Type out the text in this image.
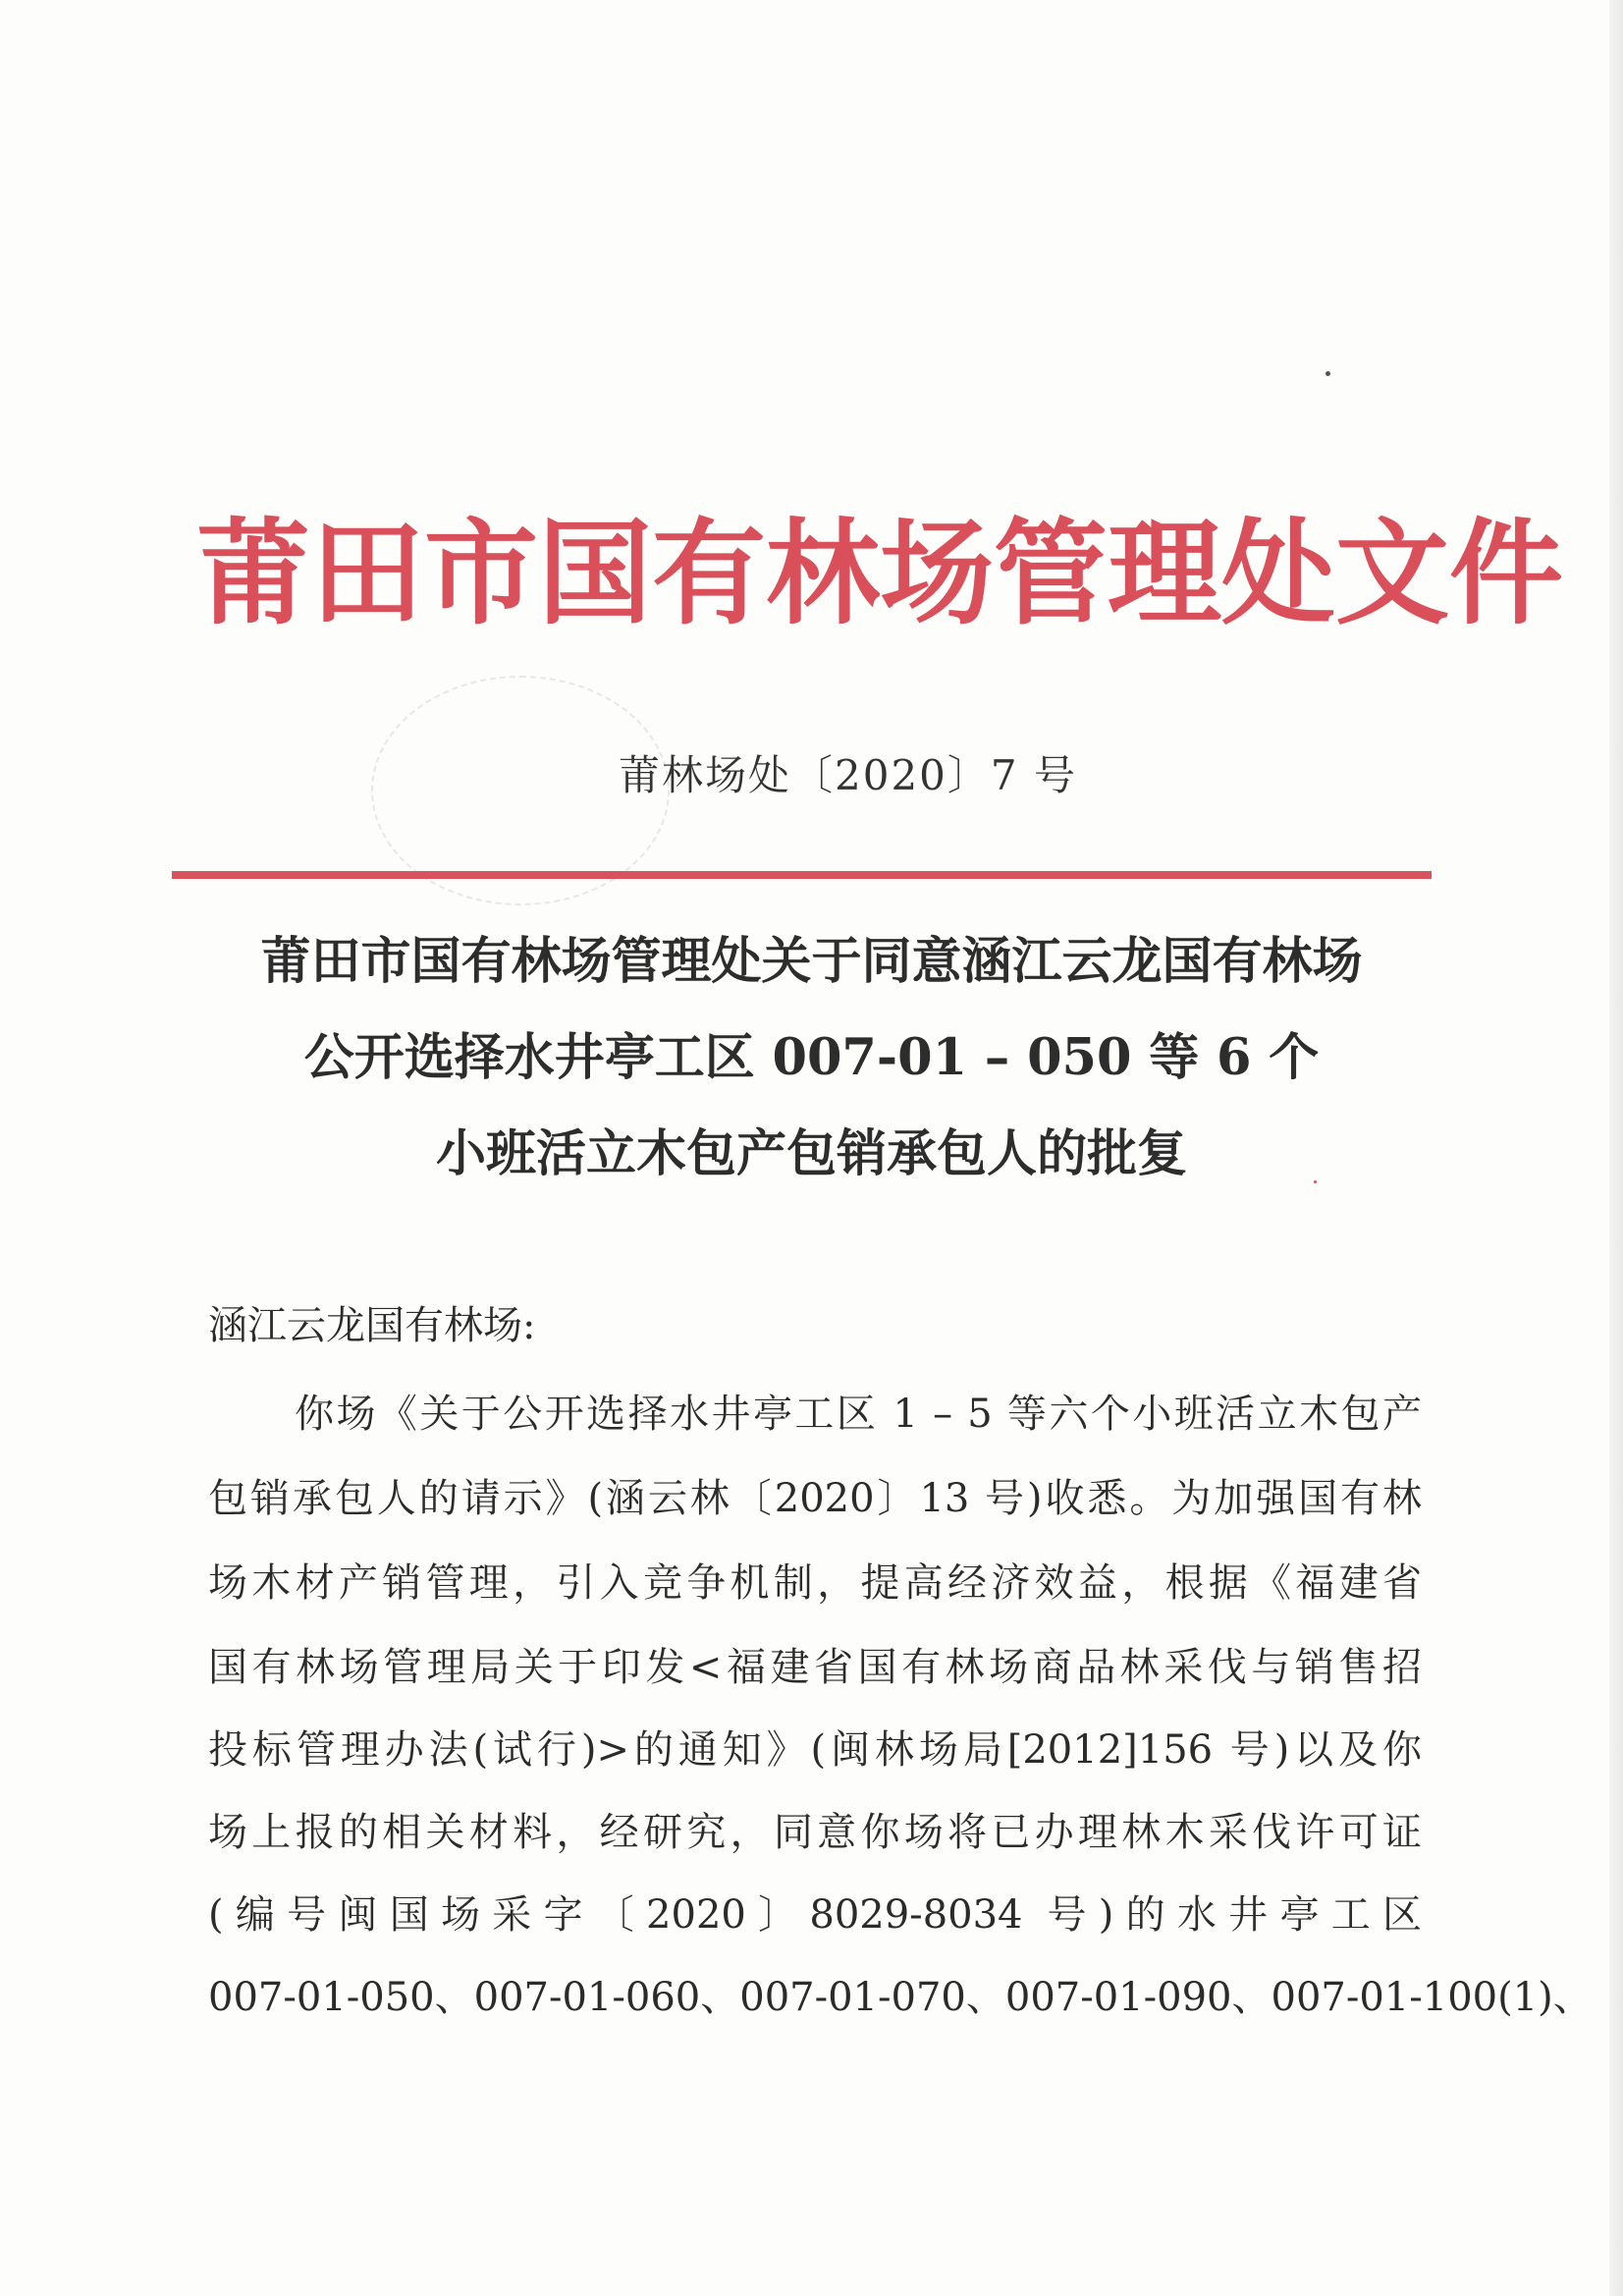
莆田市国有林场管理处文件
莆林场处〔2020〕7 号
莆田市国有林场管理处关于同意涵江云龙国有林场
公开选择水井亭工区 007-01 – 050 等 6 个
小班活立木包产包销承包人的批复
涵江云龙国有林场:
你场《关于公开选择水井亭工区 1 – 5 等六个小班活立木包产
包销承包人的请示》(涵云林〔2020〕13 号)收悉。为加强国有林
场木材产销管理，引入竞争机制，提高经济效益，根据《福建省
国有林场管理局关于印发<福建省国有林场商品林采伐与销售招
投标管理办法(试行)>的通知》(闽林场局[2012]156 号)以及你
场上报的相关材料，经研究，同意你场将已办理林木采伐许可证
(编号闽国场采字〔2020〕8029-8034 号)的水井亭工区
007-01-050、007-01-060、007-01-070、007-01-090、007-01-100(1)、
